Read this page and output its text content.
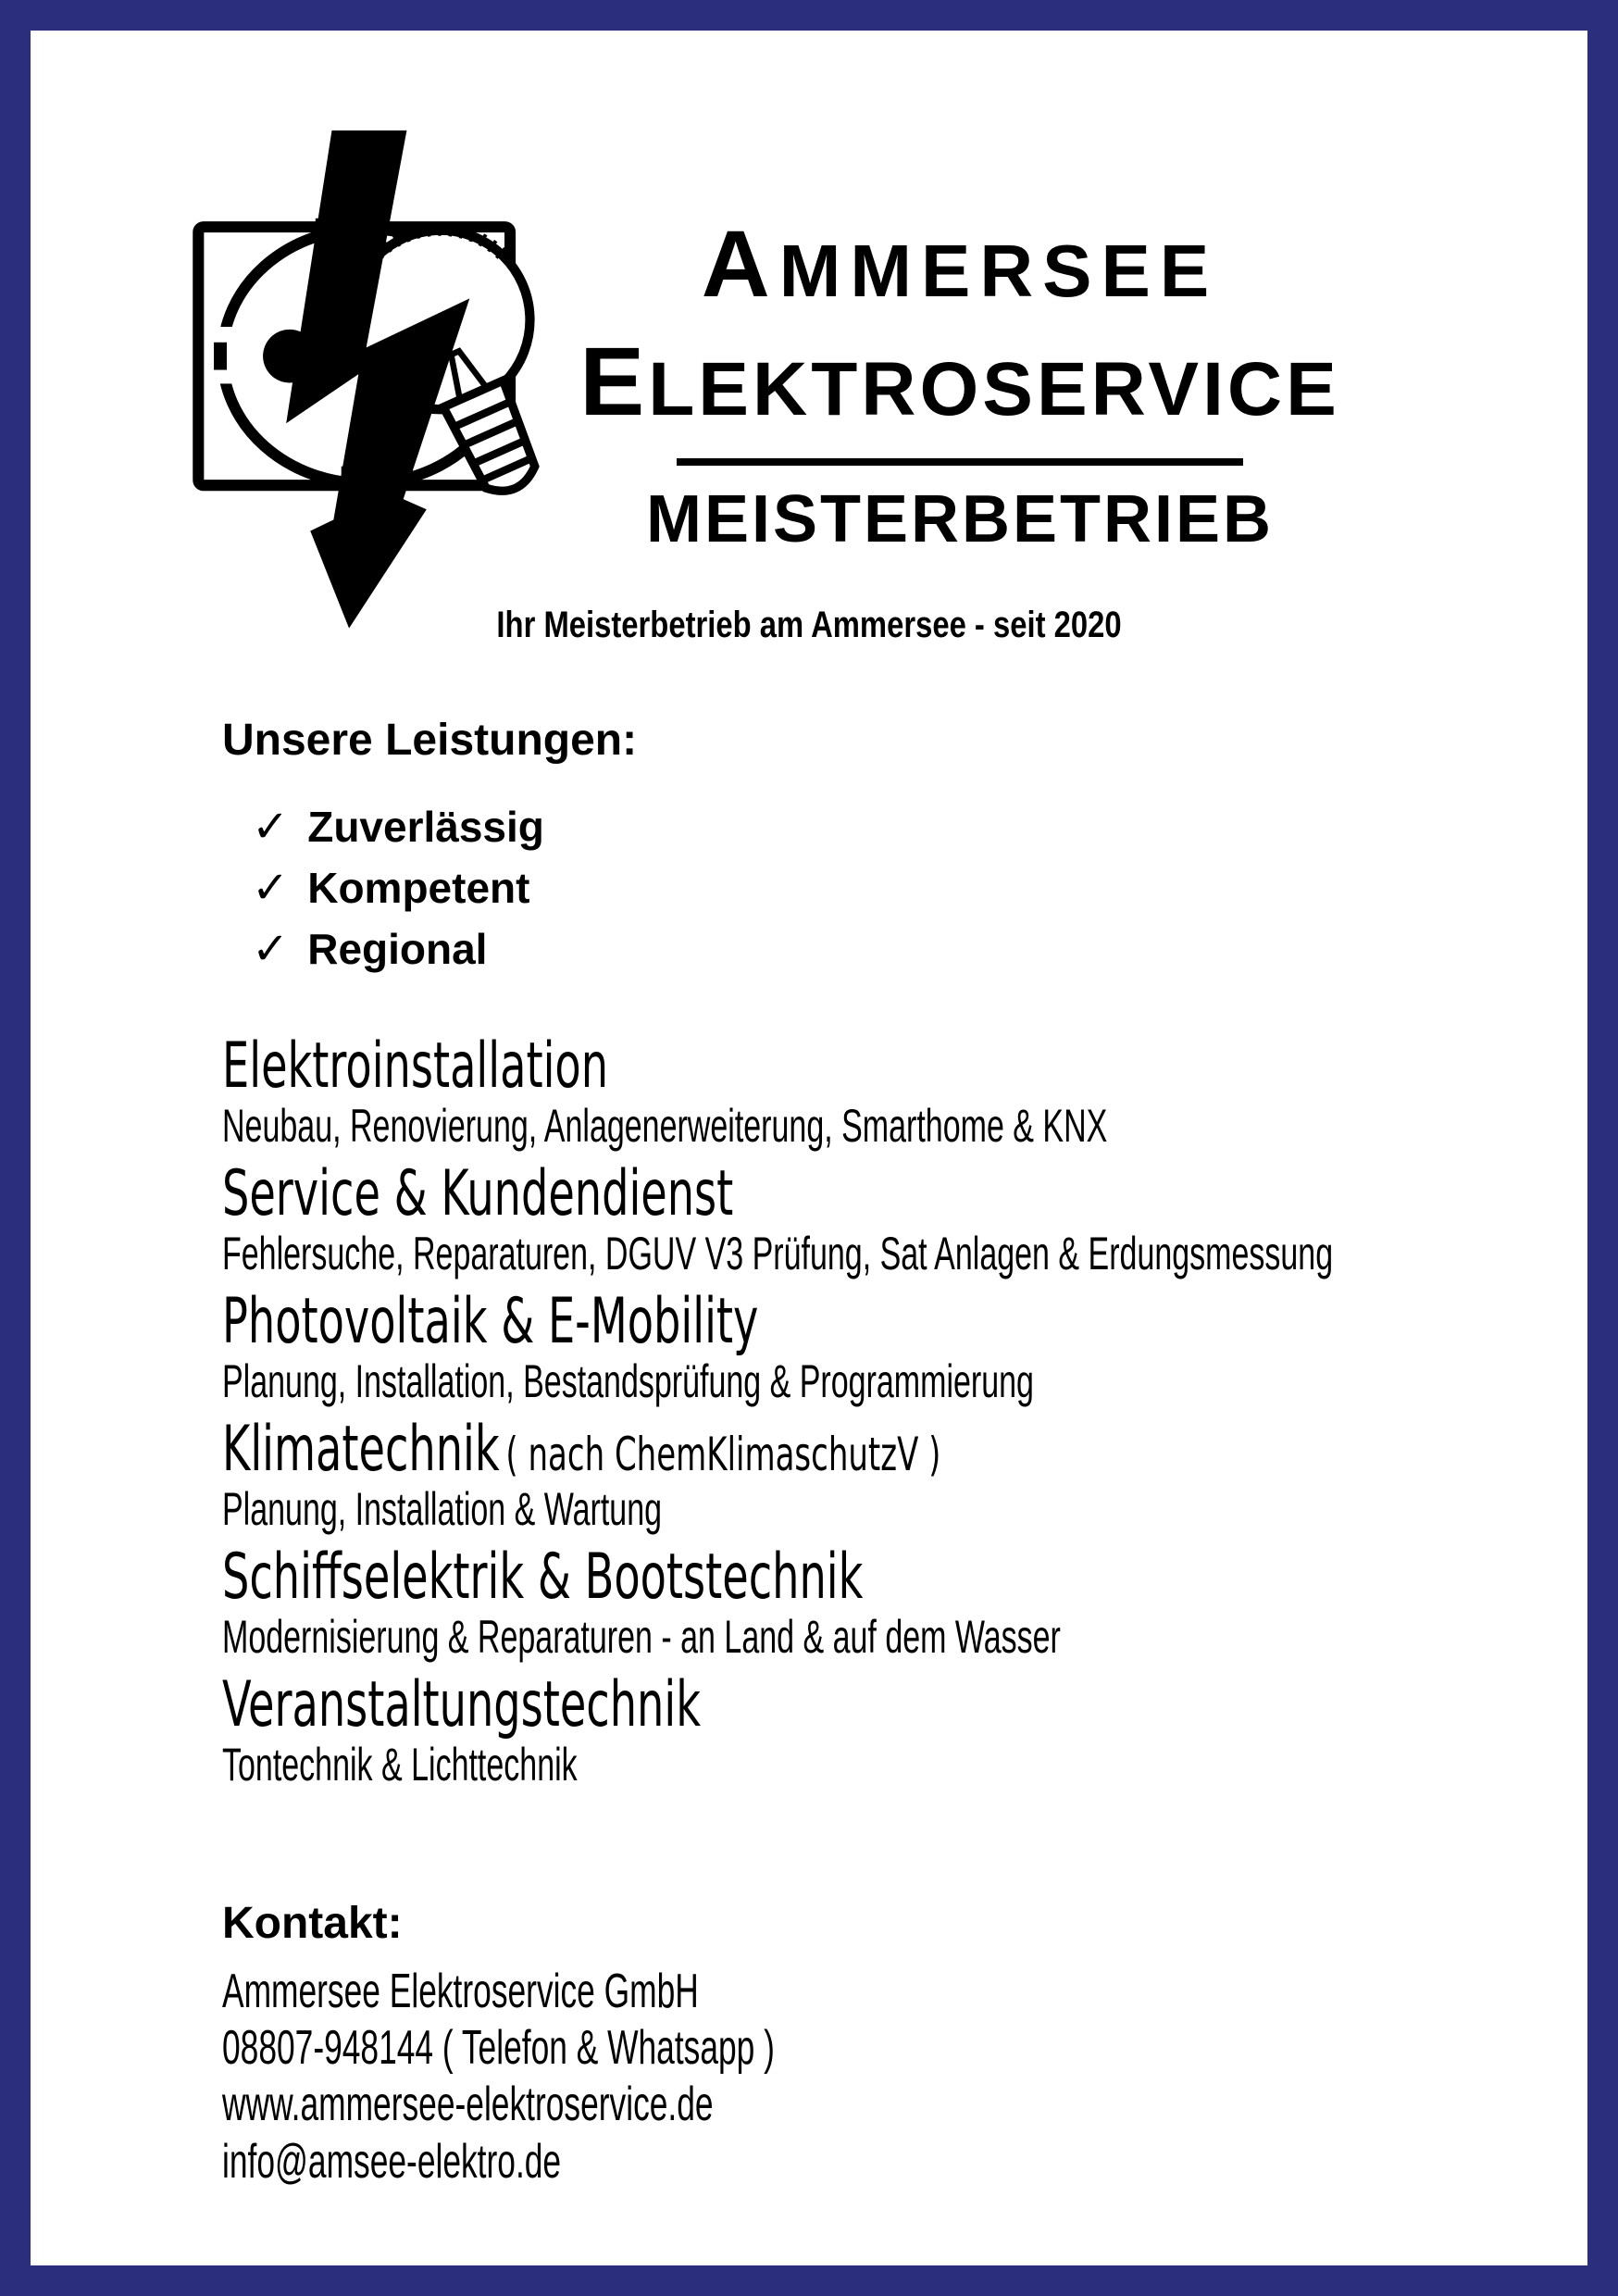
AMMERSEE
ELEKTROSERVICE
MEISTERBETRIEB
Ihr Meisterbetrieb am Ammersee - seit 2020
Unsere Leistungen:
✓ Zuverlässig
✓ Kompetent
✓ Regional
Elektroinstallation
Neubau, Renovierung, Anlagenerweiterung, Smarthome & KNX
Service & Kundendienst
Fehlersuche, Reparaturen, DGUV V3 Prüfung, Sat Anlagen & Erdungsmessung
Photovoltaik & E-Mobility
Planung, Installation, Bestandsprüfung & Programmierung
Klimatechnik ( nach ChemKlimaschutzV )
Planung, Installation & Wartung
Schiffselektrik & Bootstechnik
Modernisierung & Reparaturen - an Land & auf dem Wasser
Veranstaltungstechnik
Tontechnik & Lichttechnik
Kontakt:
Ammersee Elektroservice GmbH
08807-948144 ( Telefon & Whatsapp )
www.ammersee-elektroservice.de
info@amsee-elektro.de
